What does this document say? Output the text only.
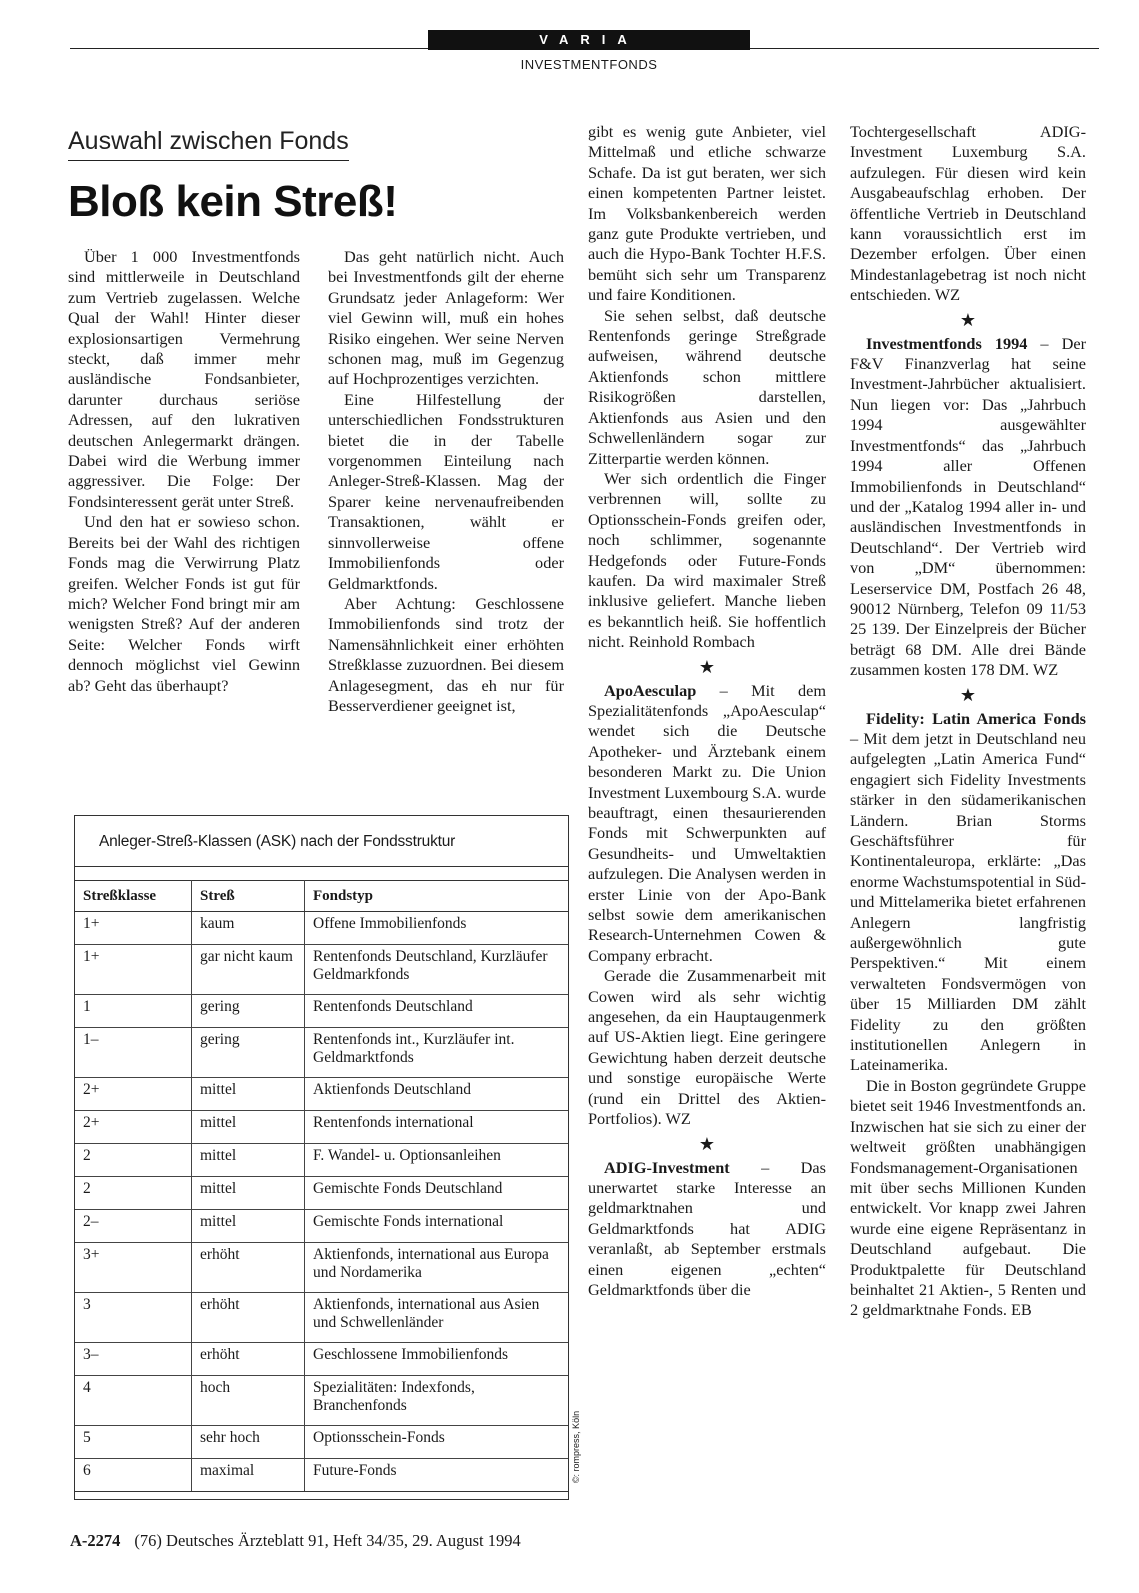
VARIA
INVESTMENTFONDS
Auswahl zwischen Fonds
Bloß kein Streß!

Über 1 000 Investmentfonds sind mittlerweile in Deutschland zum Vertrieb zugelassen. Welche Qual der Wahl! Hinter dieser explosionsartigen Vermehrung steckt, daß immer mehr ausländische Fondsanbieter, darunter durchaus seriöse Adressen, auf den lukrativen deutschen Anlegermarkt drängen. Dabei wird die Werbung immer aggressiver. Die Folge: Der Fondsinteressent gerät unter Streß.

Und den hat er sowieso schon. Bereits bei der Wahl des richtigen Fonds mag die Verwirrung Platz greifen. Welcher Fonds ist gut für mich? Welcher Fond bringt mir am wenigsten Streß? Auf der anderen Seite: Welcher Fonds wirft dennoch möglichst viel Gewinn ab? Geht das überhaupt?

Das geht natürlich nicht. Auch bei Investmentfonds gilt der eherne Grundsatz jeder Anlageform: Wer viel Gewinn will, muß ein hohes Risiko eingehen. Wer seine Nerven schonen mag, muß im Gegenzug auf Hochprozentiges verzichten.

Eine Hilfestellung der unterschiedlichen Fondsstrukturen bietet die in der Tabelle vorgenommen Einteilung nach Anleger-Streß-Klassen. Mag der Sparer keine nervenaufreibenden Transaktionen, wählt er sinnvollerweise offene Immobilienfonds oder Geldmarktfonds.

Aber Achtung: Geschlossene Immobilienfonds sind trotz der Namensähnlichkeit einer erhöhten Streßklasse zuzuordnen. Bei diesem Anlagesegment, das eh nur für Besserverdiener geeignet ist,

gibt es wenig gute Anbieter, viel Mittelmaß und etliche schwarze Schafe. Da ist gut beraten, wer sich einen kompetenten Partner leistet. Im Volksbankenbereich werden ganz gute Produkte vertrieben, und auch die Hypo-Bank Tochter H.F.S. bemüht sich sehr um Transparenz und faire Konditionen.

Sie sehen selbst, daß deutsche Rentenfonds geringe Streßgrade aufweisen, während deutsche Aktienfonds schon mittlere Risikogrößen darstellen, Aktienfonds aus Asien und den Schwellenländern sogar zur Zitterpartie werden können.

Wer sich ordentlich die Finger verbrennen will, sollte zu Optionsschein-Fonds greifen oder, noch schlimmer, sogenannte Hedgefonds oder Future-Fonds kaufen. Da wird maximaler Streß inklusive geliefert. Manche lieben es bekanntlich heiß. Sie hoffentlich nicht. Reinhold Rombach

★

ApoAesculap – Mit dem Spezialitätenfonds „ApoAesculap“ wendet sich die Deutsche Apotheker- und Ärztebank einem besonderen Markt zu. Die Union Investment Luxembourg S.A. wurde beauftragt, einen thesaurierenden Fonds mit Schwerpunkten auf Gesundheits- und Umweltaktien aufzulegen. Die Analysen werden in erster Linie von der Apo-Bank selbst sowie dem amerikanischen Research-Unternehmen Cowen & Company erbracht.

Gerade die Zusammenarbeit mit Cowen wird als sehr wichtig angesehen, da ein Hauptaugenmerk auf US-Aktien liegt. Eine geringere Gewichtung haben derzeit deutsche und sonstige europäische Werte (rund ein Drittel des Aktien-Portfolios). WZ

★

ADIG-Investment – Das unerwartet starke Interesse an geldmarktnahen und Geldmarktfonds hat ADIG veranlaßt, ab September erstmals einen eigenen „echten“ Geldmarktfonds über die

Tochtergesellschaft ADIG-Investment Luxemburg S.A. aufzulegen. Für diesen wird kein Ausgabeaufschlag erhoben. Der öffentliche Vertrieb in Deutschland kann voraussichtlich erst im Dezember erfolgen. Über einen Mindestanlagebetrag ist noch nicht entschieden. WZ

★

Investmentfonds 1994 – Der F&V Finanzverlag hat seine Investment-Jahrbücher aktualisiert. Nun liegen vor: Das „Jahrbuch 1994 ausgewählter Investmentfonds“ das „Jahrbuch 1994 aller Offenen Immobilienfonds in Deutschland“ und der „Katalog 1994 aller in- und ausländischen Investmentfonds in Deutschland“. Der Vertrieb wird von „DM“ übernommen: Leserservice DM, Postfach 26 48, 90012 Nürnberg, Telefon 09 11/53 25 139. Der Einzelpreis der Bücher beträgt 68 DM. Alle drei Bände zusammen kosten 178 DM. WZ

★

Fidelity: Latin America Fonds – Mit dem jetzt in Deutschland neu aufgelegten „Latin America Fund“ engagiert sich Fidelity Investments stärker in den südamerikanischen Ländern. Brian Storms Geschäftsführer für Kontinentaleuropa, erklärte: „Das enorme Wachstumspotential in Süd- und Mittelamerika bietet erfahrenen Anlegern langfristig außergewöhnlich gute Perspektiven.“ Mit einem verwalteten Fondsvermögen von über 15 Milliarden DM zählt Fidelity zu den größten institutionellen Anlegern in Lateinamerika.

Die in Boston gegründete Gruppe bietet seit 1946 Investmentfonds an. Inzwischen hat sie sich zu einer der weltweit größten unabhängigen Fondsmanagement-Organisationen mit über sechs Millionen Kunden entwickelt. Vor knapp zwei Jahren wurde eine eigene Repräsentanz in Deutschland aufgebaut. Die Produktpalette für Deutschland beinhaltet 21 Aktien-, 5 Renten und 2 geldmarktnahe Fonds. EB

Anleger-Streß-Klassen (ASK) nach der Fondsstruktur
Streßklasse	Streß	Fondstyp
1+	kaum	Offene Immobilienfonds
1+	gar nicht kaum	Rentenfonds Deutschland, Kurzläufer Geldmarkfonds
1	gering	Rentenfonds Deutschland
1–	gering	Rentenfonds int., Kurzläufer int. Geldmarktfonds
2+	mittel	Aktienfonds Deutschland
2+	mittel	Rentenfonds international
2	mittel	F. Wandel- u. Optionsanleihen
2	mittel	Gemischte Fonds Deutschland
2–	mittel	Gemischte Fonds international
3+	erhöht	Aktienfonds, international aus Europa und Nordamerika
3	erhöht	Aktienfonds, international aus Asien und Schwellenländer
3–	erhöht	Geschlossene Immobilienfonds
4	hoch	Spezialitäten: Indexfonds, Branchenfonds
5	sehr hoch	Optionsschein-Fonds
6	maximal	Future-Fonds	©: rompress, Köln
A-2274 (76) Deutsches Ärzteblatt 91, Heft 34/35, 29. August 1994
